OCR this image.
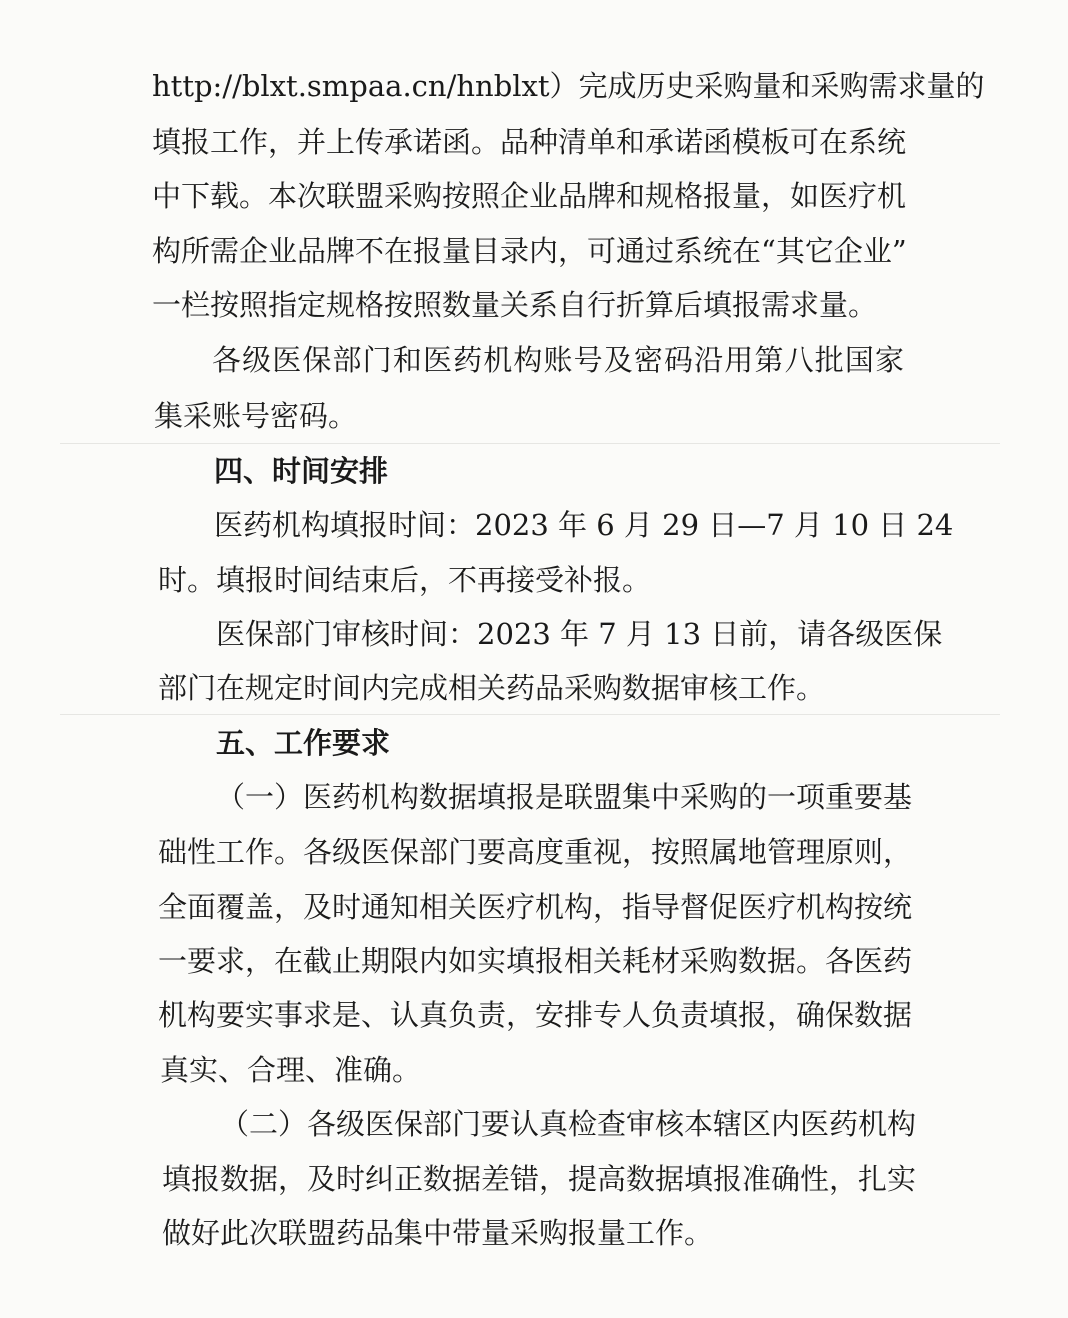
http://blxt.smpaa.cn/hnblxt）完成历史采购量和采购需求量的
填报工作，并上传承诺函。品种清单和承诺函模板可在系统
中下载。本次联盟采购按照企业品牌和规格报量，如医疗机
构所需企业品牌不在报量目录内，可通过系统在“其它企业”
一栏按照指定规格按照数量关系自行折算后填报需求量。
各级医保部门和医药机构账号及密码沿用第八批国家
集采账号密码。
四、时间安排
医药机构填报时间：2023 年 6 月 29 日—7 月 10 日 24
时。填报时间结束后，不再接受补报。
医保部门审核时间：2023 年 7 月 13 日前，请各级医保
部门在规定时间内完成相关药品采购数据审核工作。
五、工作要求
（一）医药机构数据填报是联盟集中采购的一项重要基
础性工作。各级医保部门要高度重视，按照属地管理原则，
全面覆盖，及时通知相关医疗机构，指导督促医疗机构按统
一要求，在截止期限内如实填报相关耗材采购数据。各医药
机构要实事求是、认真负责，安排专人负责填报，确保数据
真实、合理、准确。
（二）各级医保部门要认真检查审核本辖区内医药机构
填报数据，及时纠正数据差错，提高数据填报准确性，扎实
做好此次联盟药品集中带量采购报量工作。
